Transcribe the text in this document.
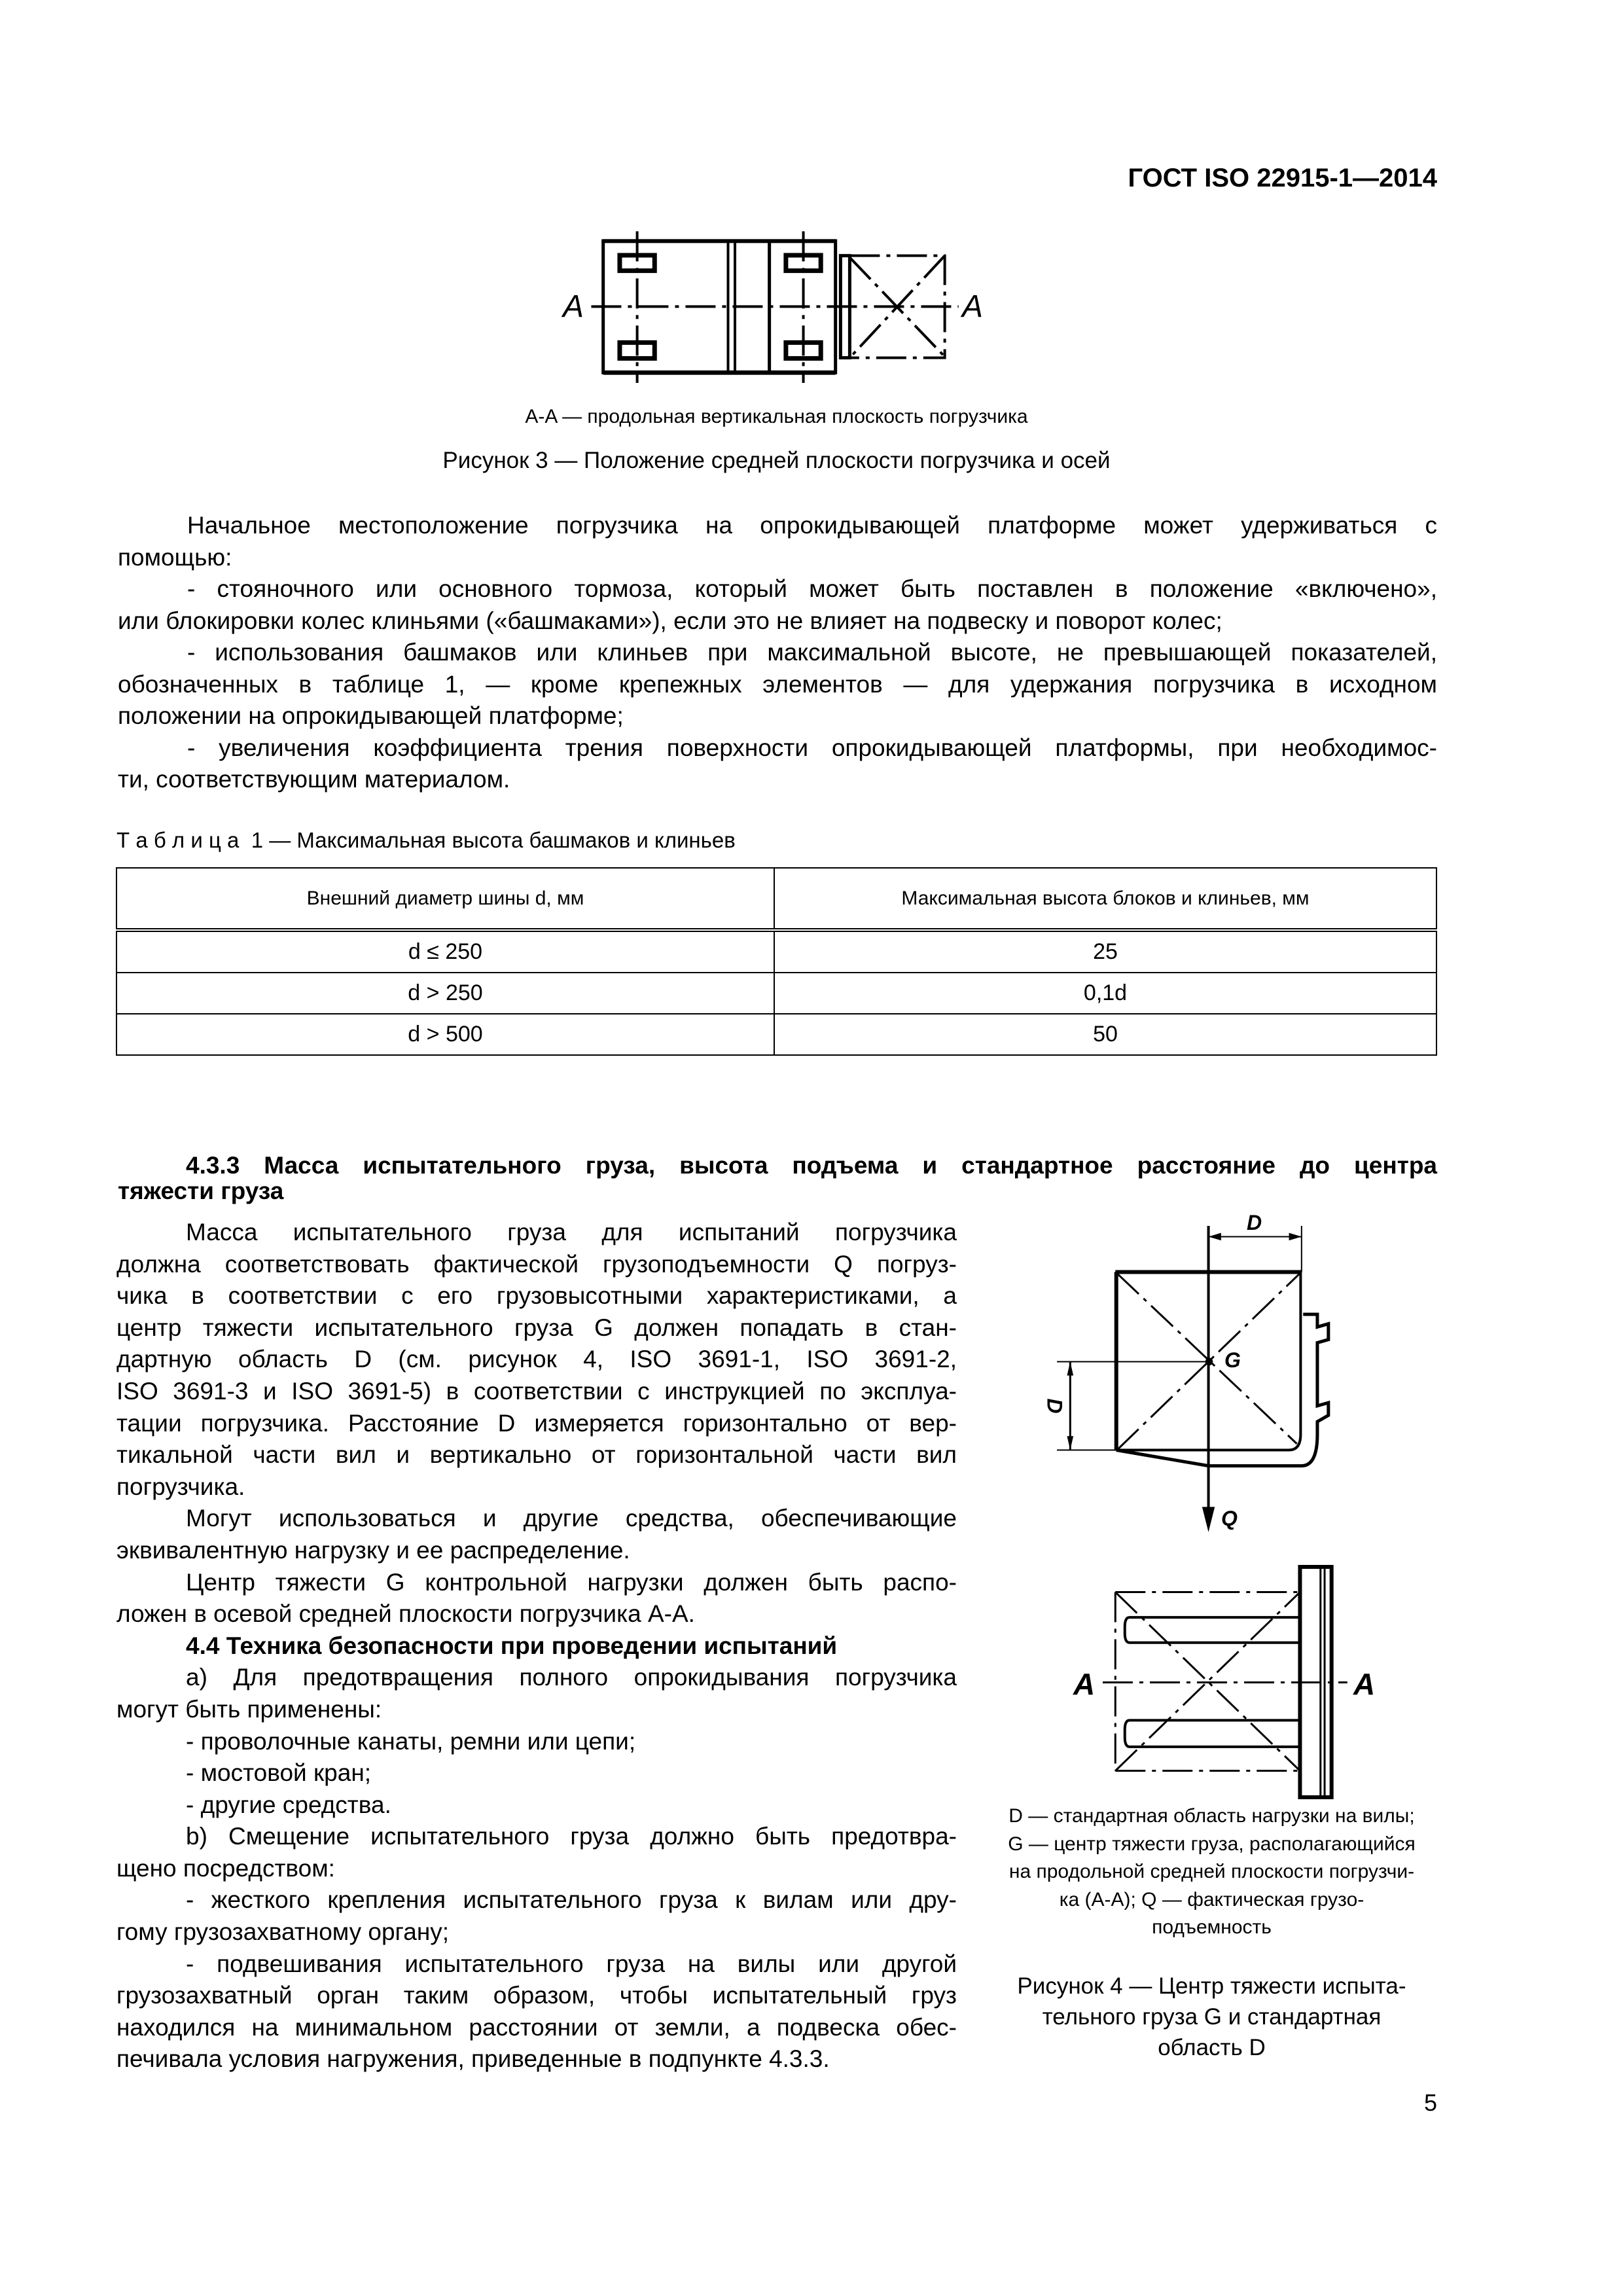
ГОСТ ISO 22915-1—2014
A	A
A-A — продольная вертикальная плоскость погрузчика
Рисунок 3 — Положение средней плоскости погрузчика и осей
Начальное местоположение погрузчика на опрокидывающей платформе может удерживаться с
помощью:
- стояночного или основного тормоза, который может быть поставлен в положение «включено»,
или блокировки колес клиньями («башмаками»), если это не влияет на подвеску и поворот колес;
- использования башмаков или клиньев при максимальной высоте, не превышающей показателей,
обозначенных в таблице 1, — кроме крепежных элементов — для удержания погрузчика в исходном
положении на опрокидывающей платформе;
- увеличения коэффициента трения поверхности опрокидывающей платформы, при необходимос-
ти, соответствующим материалом.
Т а б л и ц а  1 — Максимальная высота башмаков и клиньев
Внешний диаметр шины d, мм	Максимальная высота блоков и клиньев, мм
d ≤ 250	25
d > 250	0,1d
d > 500	50
4.3.3 Масса испытательного груза, высота подъема и стандартное расстояние до центра
тяжести груза
Масса испытательного груза для испытаний погрузчика
должна соответствовать фактической грузоподъемности Q погруз-
чика в соответствии с его грузовысотными характеристиками, а
центр тяжести испытательного груза G должен попадать в стан-
дартную область D (см. рисунок 4, ISO 3691-1, ISO 3691-2,
ISO 3691-3 и ISO 3691-5) в соответствии с инструкцией по эксплуа-
тации погрузчика. Расстояние D измеряется горизонтально от вер-
тикальной части вил и вертикально от горизонтальной части вил
погрузчика.
Могут использоваться и другие средства, обеспечивающие
эквивалентную нагрузку и ее распределение.
Центр тяжести G контрольной нагрузки должен быть распо-
ложен в осевой средней плоскости погрузчика A-A.
4.4 Техника безопасности при проведении испытаний
а) Для предотвращения полного опрокидывания погрузчика
могут быть применены:
- проволочные канаты, ремни или цепи;
- мостовой кран;
- другие средства.
b) Смещение испытательного груза должно быть предотвра-
щено посредством:
- жесткого крепления испытательного груза к вилам или дру-
гому грузозахватному органу;
- подвешивания испытательного груза на вилы или другой
грузозахватный орган таким образом, чтобы испытательный груз
находился на минимальном расстоянии от земли, а подвеска обес-
печивала условия нагружения, приведенные в подпункте 4.3.3.
D
D
G
Q
A	A
D — стандартная область нагрузки на вилы;
G — центр тяжести груза, располагающийся
на продольной средней плоскости погрузчи-
ка (A-A); Q — фактическая грузо-
подъемность
Рисунок 4 — Центр тяжести испыта-
тельного груза G и стандартная
область D
5
